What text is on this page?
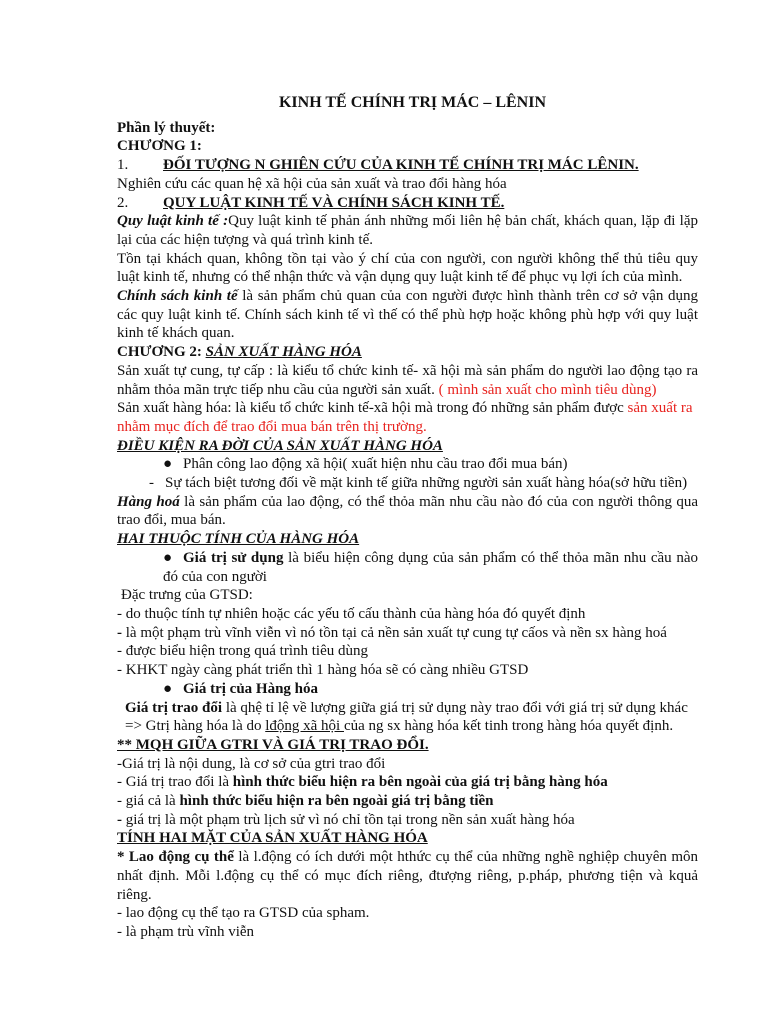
KINH TẾ CHÍNH TRỊ MÁC – LÊNIN

Phần lý thuyết:

CHƯƠNG 1:

1. ĐỐI TƯỢNG N GHIÊN CỨU CỦA KINH TẾ CHÍNH TRỊ MÁC LÊNIN.

Nghiên cứu các quan hệ xã hội của sản xuất và trao đổi hàng hóa

2. QUY LUẬT KINH TẾ VÀ CHÍNH SÁCH KINH TẾ.

Quy luật kinh tế :Quy luật kinh tế phản ánh những mối liên hệ bản chất, khách quan, lặp đi lặp lại của các hiện tượng và quá trình kinh tế.

Tồn tại khách quan, không tồn tại vào ý chí của con người, con người không thể thủ tiêu quy luật kinh tế, nhưng có thể nhận thức và vận dụng quy luật kinh tế để phục vụ lợi ích của mình.

Chính sách kinh tế là sản phẩm chủ quan của con người được hình thành trên cơ sở vận dụng các quy luật kinh tế. Chính sách kinh tế vì thế có thể phù hợp hoặc không phù hợp với quy luật kinh tế khách quan.

CHƯƠNG 2: SẢN XUẤT HÀNG HÓA

Sản xuất tự cung, tự cấp : là kiểu tổ chức kinh tế- xã hội mà sản phẩm do người lao động tạo ra nhằm thỏa mãn trực tiếp nhu cầu của người sản xuất. ( mình sản xuất cho mình tiêu dùng)

Sản xuất hàng hóa: là kiểu tổ chức kinh tế-xã hội mà trong đó những sản phẩm được sản xuất ra nhằm mục đích để trao đổi mua bán trên thị trường.

ĐIỀU KIỆN RA ĐỜI CỦA SẢN XUẤT HÀNG HÓA

● Phân công lao động xã hội( xuất hiện nhu cầu trao đổi mua bán)

- Sự tách biệt tương đối về mặt kinh tế giữa những người sản xuất hàng hóa(sở hữu tiền)

Hàng hoá là sản phẩm của lao động, có thể thỏa mãn nhu cầu nào đó của con người thông qua trao đổi, mua bán.

HAI THUỘC TÍNH CỦA HÀNG HÓA

● Giá trị sử dụng là biểu hiện công dụng của sản phẩm có thể thỏa mãn nhu cầu nào đó của con người

Đặc trưng của GTSD:

- do thuộc tính tự nhiên hoặc các yếu tố cấu thành của hàng hóa đó quyết định

- là một phạm trù vĩnh viễn vì nó tồn tại cả nền sản xuất tự cung tự cấos và nền sx hàng hoá

- được biểu hiện trong quá trình tiêu dùng

- KHKT ngày càng phát triển thì 1 hàng hóa sẽ có càng nhiều GTSD

● Giá trị của Hàng hóa

Giá trị trao đổi là qhệ tỉ lệ về lượng giữa giá trị sử dụng này trao đổi với giá trị sử dụng khác

=> Gtrị hàng hóa là do lđộng xã hội của ng sx hàng hóa kết tinh trong hàng hóa quyết định.

** MQH GIỮA GTRI VÀ GIÁ TRỊ TRAO ĐỔI.

-Giá trị là nội dung, là cơ sở của gtri trao đổi

- Giá trị trao đổi là hình thức biểu hiện ra bên ngoài của giá trị bằng hàng hóa

- giá cả là hình thức biểu hiện ra bên ngoài giá trị bằng tiền

- giá trị là một phạm trù lịch sử vì nó chỉ tồn tại trong nền sản xuất hàng hóa

TÍNH HAI MẶT CỦA SẢN XUẤT HÀNG HÓA

* Lao động cụ thể là l.động có ích dưới một hthức cụ thể của những nghề nghiệp chuyên môn nhất định. Mỗi l.động cụ thể có mục đích riêng, đtượng riêng, p.pháp, phương tiện và kquả riêng.

- lao động cụ thể tạo ra GTSD của spham.

- là phạm trù vĩnh viễn
